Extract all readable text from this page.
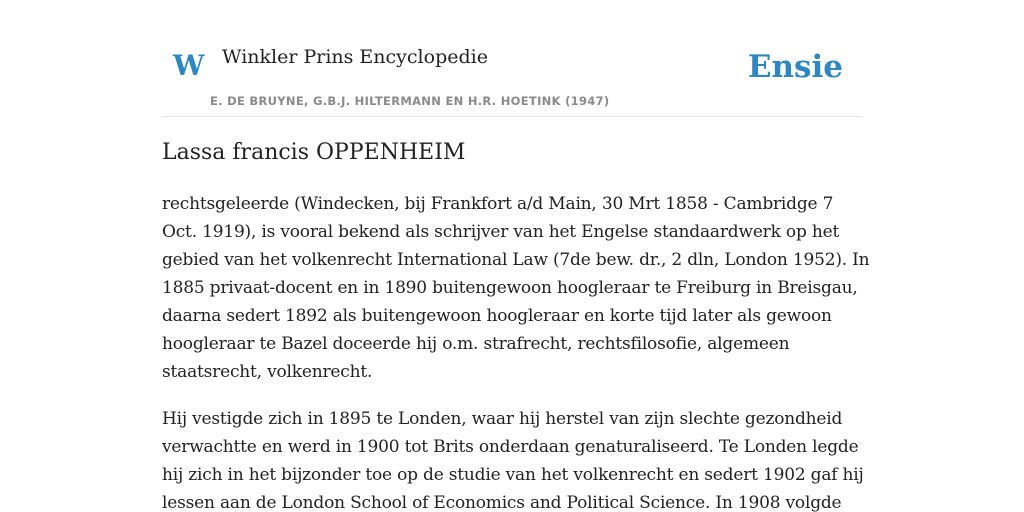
W Winkler Prins Encyclopedie
E. DE BRUYNE, G.B.J. HILTERMANN EN H.R. HOETINK (1947)
Ensie
Lassa francis OPPENHEIM

rechtsgeleerde (Windecken, bij Frankfort a/d Main, 30 Mrt 1858 - Cambridge 7 Oct. 1919), is vooral bekend als schrijver van het Engelse standaardwerk op het gebied van het volkenrecht International Law (7de bew. dr., 2 dln, London 1952). In 1885 privaat-docent en in 1890 buitengewoon hoogleraar te Freiburg in Breisgau, daarna sedert 1892 als buitengewoon hoogleraar en korte tijd later als gewoon hoogleraar te Bazel doceerde hij o.m. strafrecht, rechtsfilosofie, algemeen staatsrecht, volkenrecht.

Hij vestigde zich in 1895 te Londen, waar hij herstel van zijn slechte gezondheid verwachtte en werd in 1900 tot Brits onderdaan genaturaliseerd. Te Londen legde hij zich in het bijzonder toe op de studie van het volkenrecht en sedert 1902 gaf hij lessen aan de London School of Economics and Political Science. In 1908 volgde
